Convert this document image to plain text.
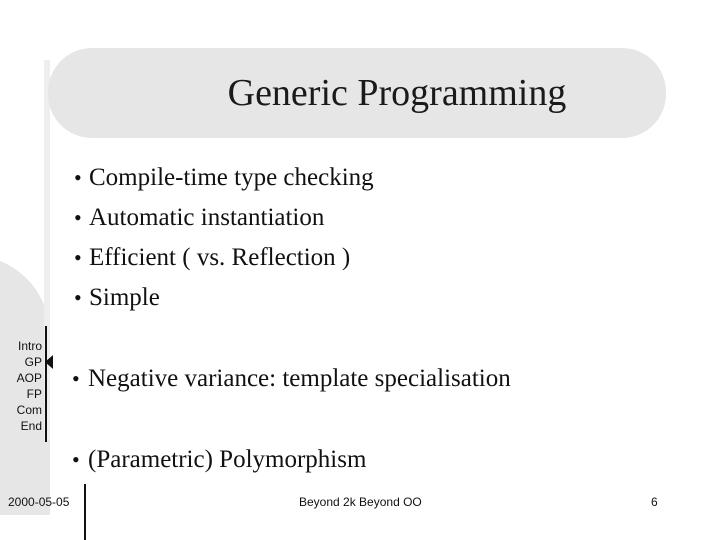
Generic Programming
• Compile-time type checking
• Automatic instantiation
• Efficient ( vs. Reflection )
• Simple
• Negative variance: template specialisation
• (Parametric) Polymorphism
Intro
GP
AOP
FP
Com
End
2000-05-05	Beyond 2k Beyond OO	6
